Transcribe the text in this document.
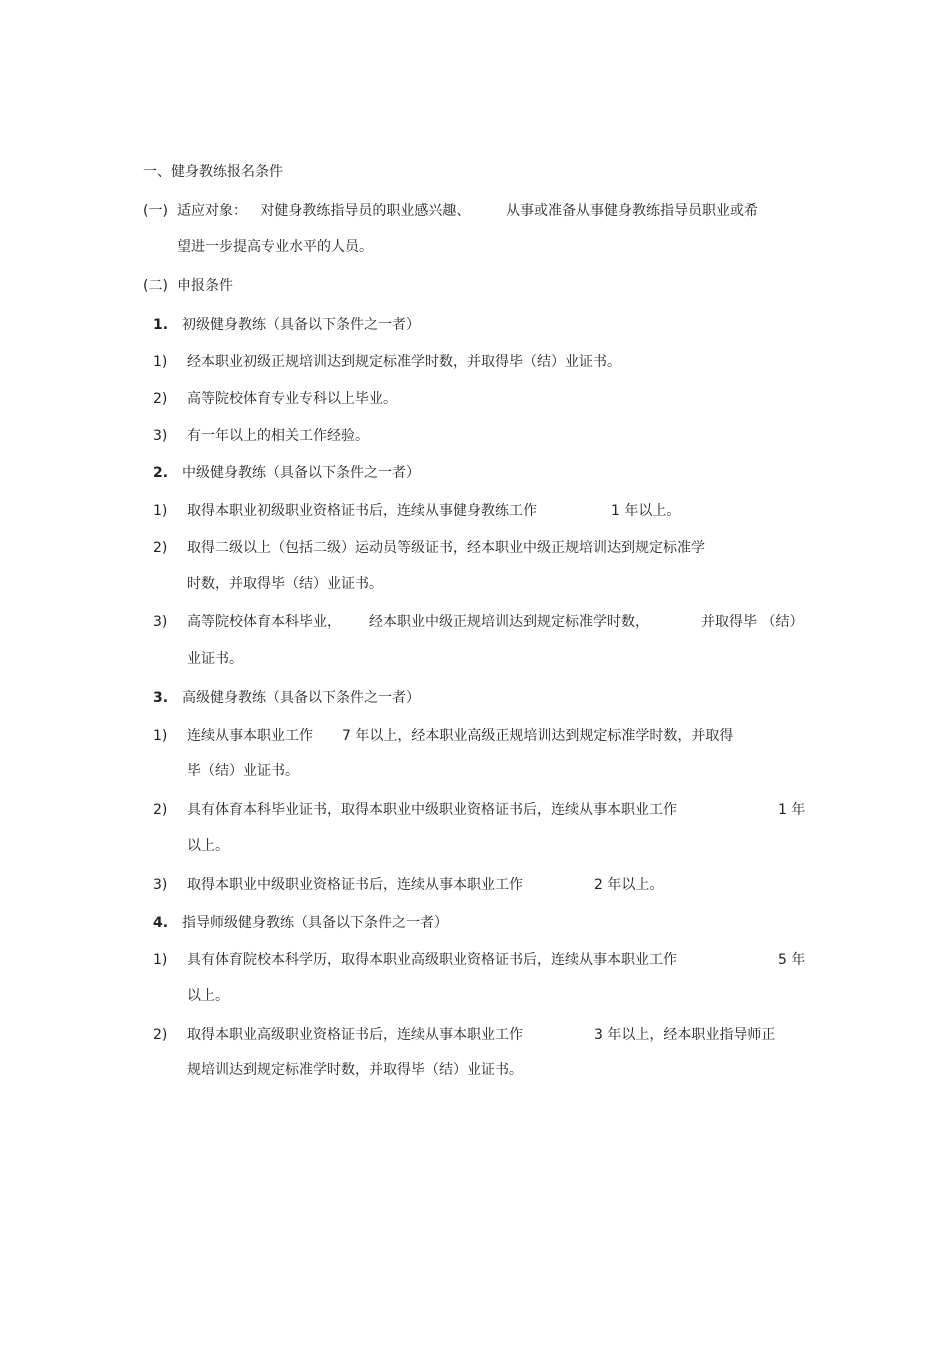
一、健身教练报名条件
(一) 适应对象：   对健身教练指导员的职业感兴趣、	从事或准备从事健身教练指导员职业或希
望进一步提高专业水平的人员。
(二) 申报条件
1. 初级健身教练（具备以下条件之一者）
1) 经本职业初级正规培训达到规定标准学时数，并取得毕（结）业证书。
2) 高等院校体育专业专科以上毕业。
3) 有一年以上的相关工作经验。
2. 中级健身教练（具备以下条件之一者）
1) 取得本职业初级职业资格证书后，连续从事健身教练工作	1 年以上。
2) 取得二级以上（包括二级）运动员等级证书，经本职业中级正规培训达到规定标准学
时数，并取得毕（结）业证书。
3) 高等院校体育本科毕业， 经本职业中级正规培训达到规定标准学时数，	并取得毕 （结）
业证书。
3. 高级健身教练（具备以下条件之一者）
1) 连续从事本职业工作 7 年以上，经本职业高级正规培训达到规定标准学时数，并取得
毕（结）业证书。
2) 具有体育本科毕业证书，取得本职业中级职业资格证书后，连续从事本职业工作	1 年
以上。
3) 取得本职业中级职业资格证书后，连续从事本职业工作	2 年以上。
4. 指导师级健身教练（具备以下条件之一者）
1) 具有体育院校本科学历，取得本职业高级职业资格证书后，连续从事本职业工作	5 年
以上。
2) 取得本职业高级职业资格证书后，连续从事本职业工作	3 年以上，经本职业指导师正
规培训达到规定标准学时数，并取得毕（结）业证书。
